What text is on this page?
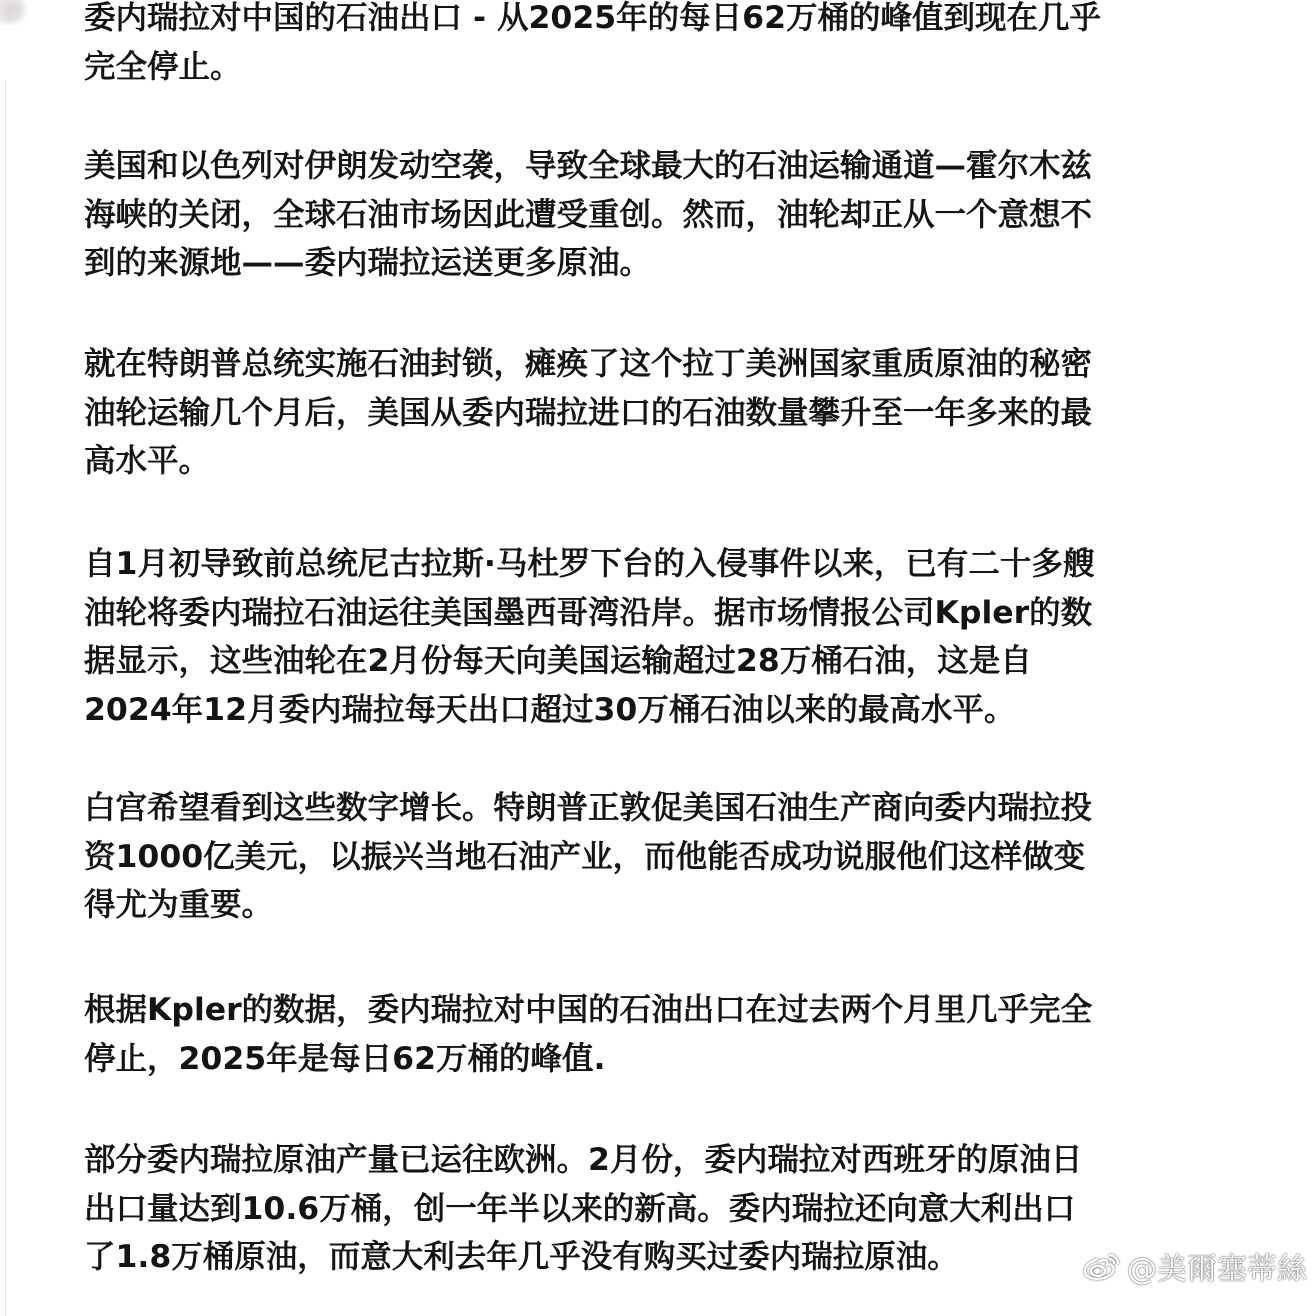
委内瑞拉对中国的石油出口 - 从2025年的每日62万桶的峰值到现在几乎
完全停止。

美国和以色列对伊朗发动空袭，导致全球最大的石油运输通道—霍尔木兹
海峡的关闭，全球石油市场因此遭受重创。然而，油轮却正从一个意想不
到的来源地——委内瑞拉运送更多原油。

就在特朗普总统实施石油封锁，瘫痪了这个拉丁美洲国家重质原油的秘密
油轮运输几个月后，美国从委内瑞拉进口的石油数量攀升至一年多来的最
高水平。

自1月初导致前总统尼古拉斯·马杜罗下台的入侵事件以来，已有二十多艘
油轮将委内瑞拉石油运往美国墨西哥湾沿岸。据市场情报公司Kpler的数
据显示，这些油轮在2月份每天向美国运输超过28万桶石油，这是自
2024年12月委内瑞拉每天出口超过30万桶石油以来的最高水平。

白宫希望看到这些数字增长。特朗普正敦促美国石油生产商向委内瑞拉投
资1000亿美元，以振兴当地石油产业，而他能否成功说服他们这样做变
得尤为重要。

根据Kpler的数据，委内瑞拉对中国的石油出口在过去两个月里几乎完全
停止，2025年是每日62万桶的峰值.

部分委内瑞拉原油产量已运往欧洲。2月份，委内瑞拉对西班牙的原油日
出口量达到10.6万桶，创一年半以来的新高。委内瑞拉还向意大利出口
了1.8万桶原油，而意大利去年几乎没有购买过委内瑞拉原油。	@美爾塞蒂絲
